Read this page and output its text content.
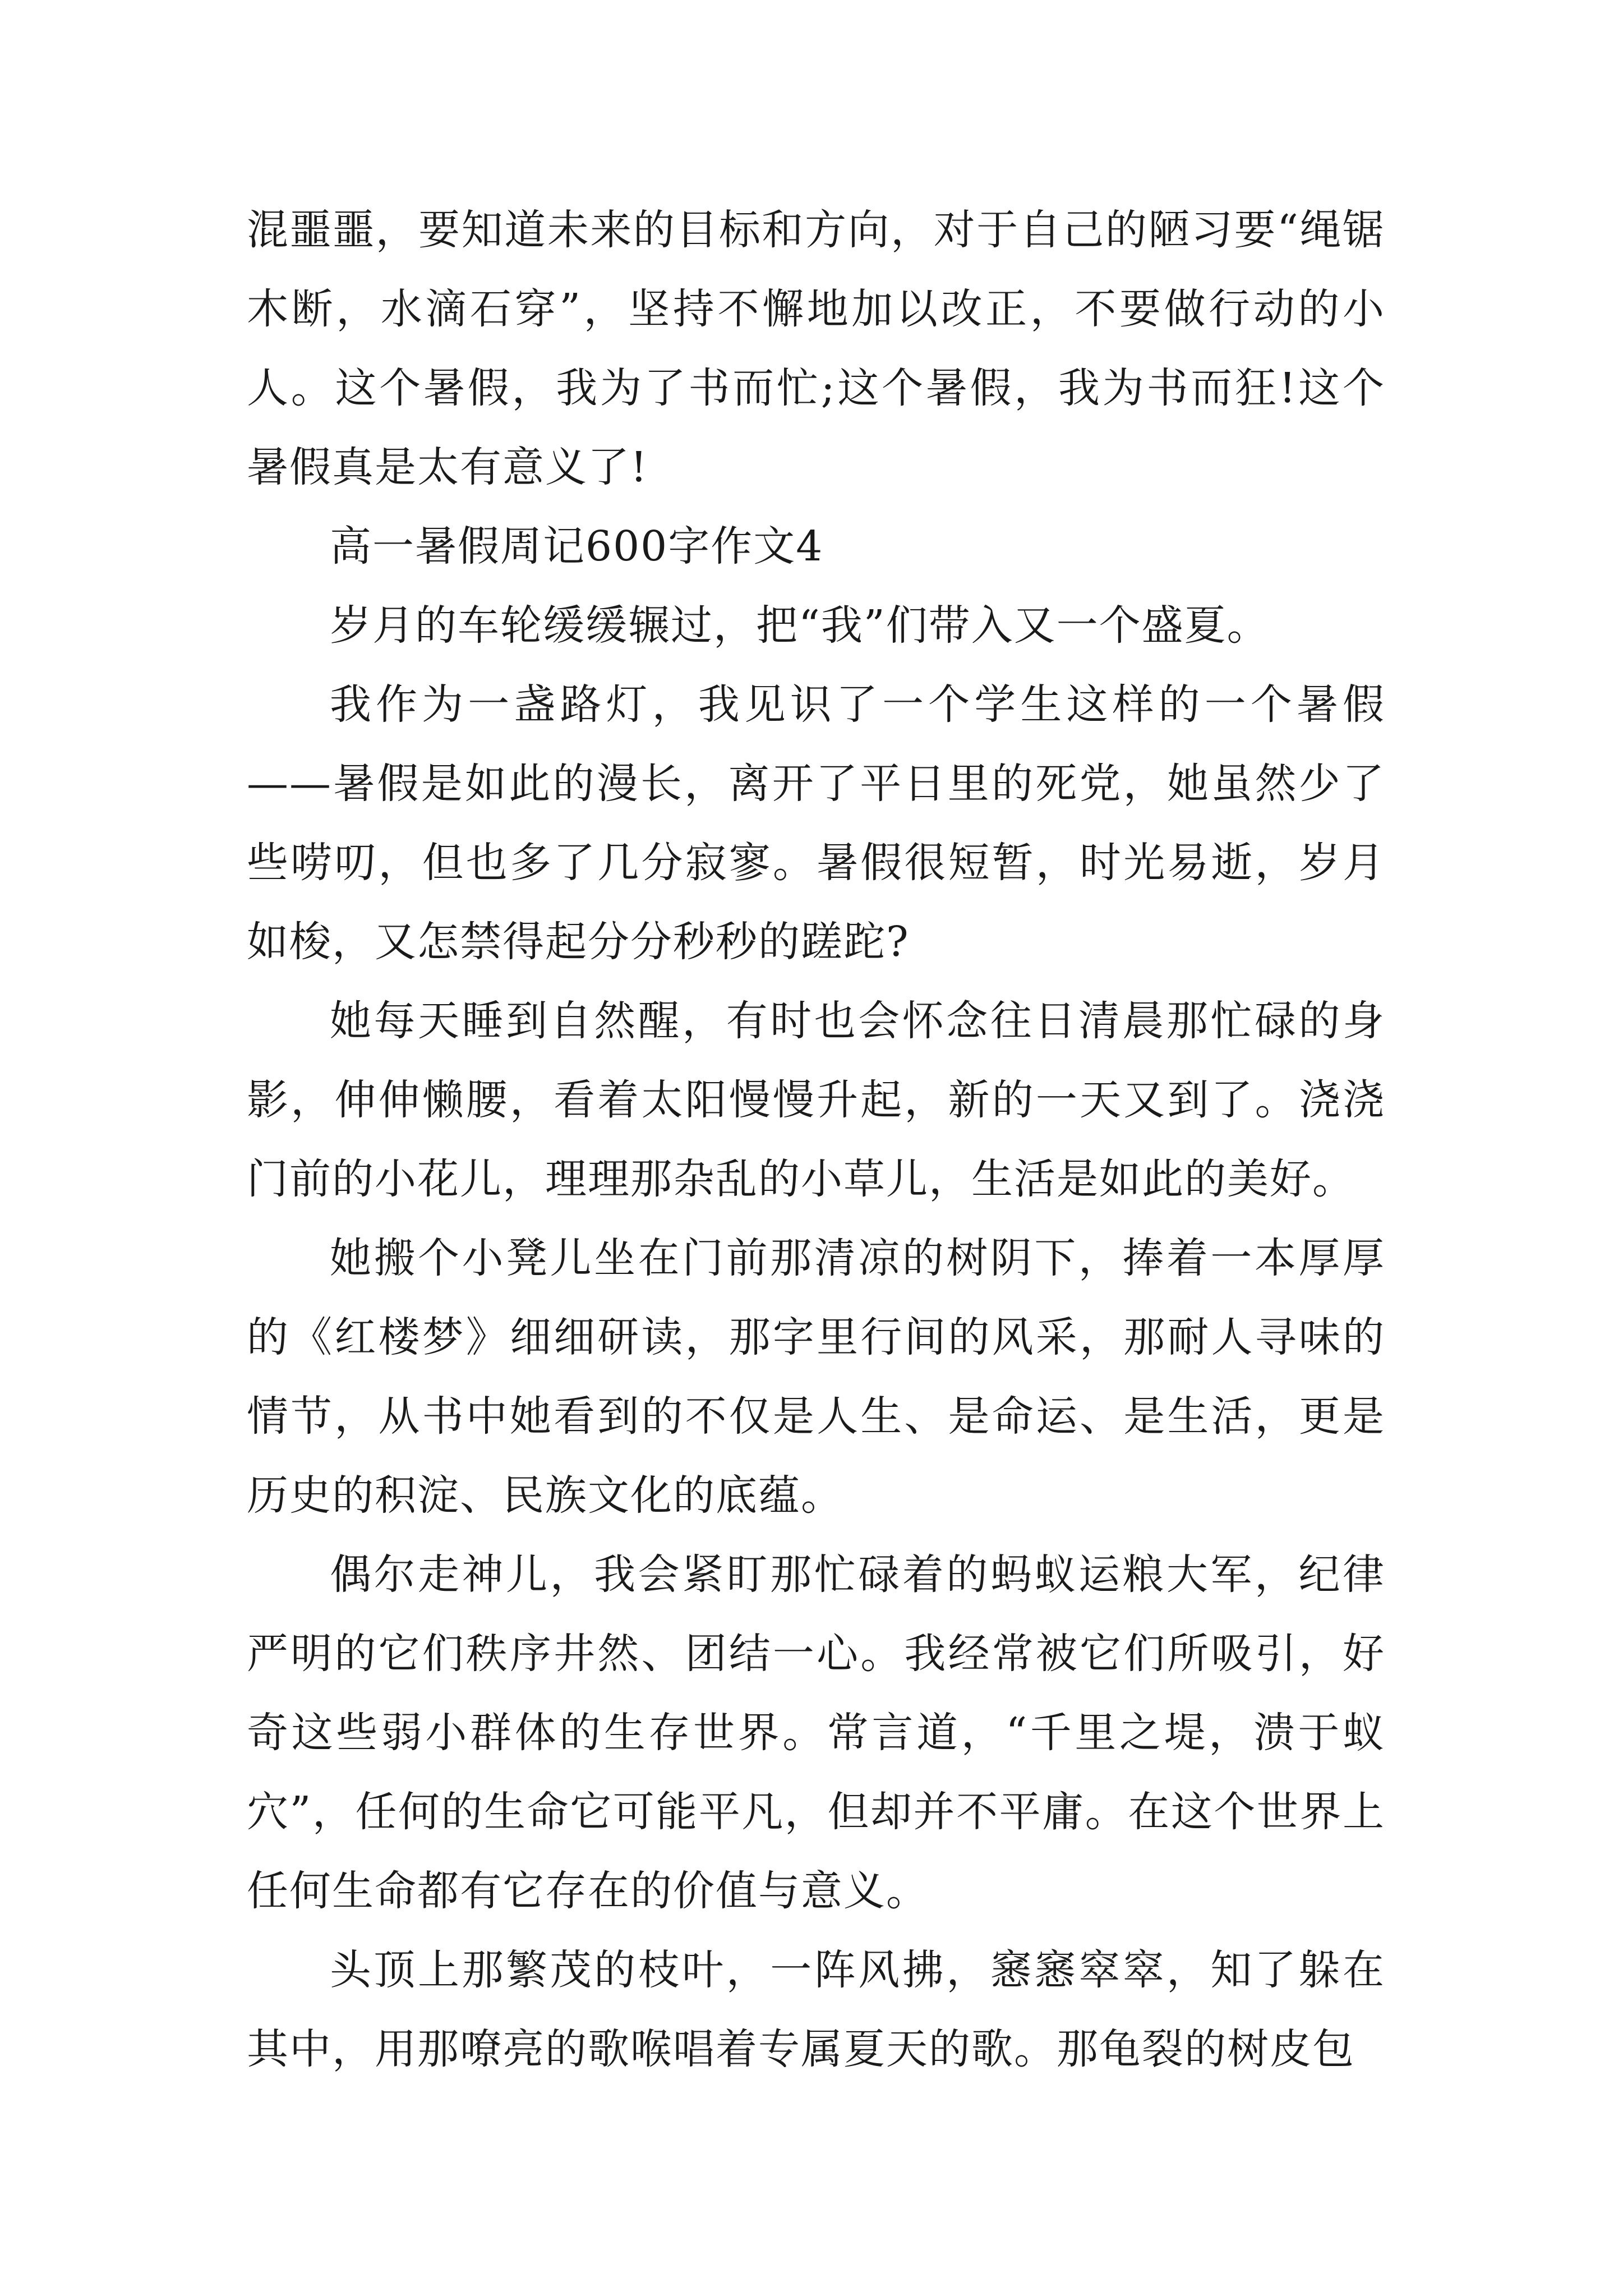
混噩噩，要知道未来的目标和方向，对于自己的陋习要“绳锯木断，水滴石穿”，坚持不懈地加以改正，不要做行动的小人。这个暑假，我为了书而忙;这个暑假，我为书而狂!这个暑假真是太有意义了!

高一暑假周记600字作文4

岁月的车轮缓缓辗过，把“我”们带入又一个盛夏。

我作为一盏路灯，我见识了一个学生这样的一个暑假——暑假是如此的漫长，离开了平日里的死党，她虽然少了些唠叨，但也多了几分寂寥。暑假很短暂，时光易逝，岁月如梭，又怎禁得起分分秒秒的蹉跎?

她每天睡到自然醒，有时也会怀念往日清晨那忙碌的身影，伸伸懒腰，看着太阳慢慢升起，新的一天又到了。浇浇门前的小花儿，理理那杂乱的小草儿，生活是如此的美好。

她搬个小凳儿坐在门前那清凉的树阴下，捧着一本厚厚的《红楼梦》细细研读，那字里行间的风采，那耐人寻味的情节，从书中她看到的不仅是人生、是命运、是生活，更是历史的积淀、民族文化的底蕴。

偶尔走神儿，我会紧盯那忙碌着的蚂蚁运粮大军，纪律严明的它们秩序井然、团结一心。我经常被它们所吸引，好奇这些弱小群体的生存世界。常言道，“千里之堤，溃于蚁穴”，任何的生命它可能平凡，但却并不平庸。在这个世界上任何生命都有它存在的价值与意义。

头顶上那繁茂的枝叶，一阵风拂，窸窸窣窣，知了躲在其中，用那嘹亮的歌喉唱着专属夏天的歌。那龟裂的树皮包
